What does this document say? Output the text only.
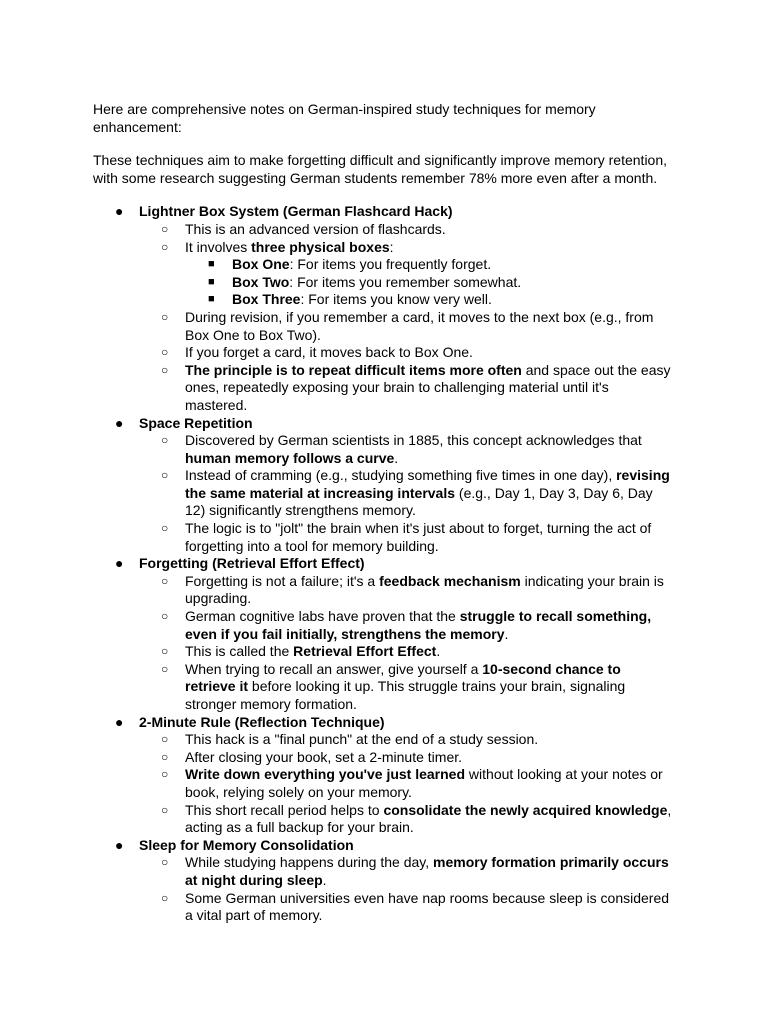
Here are comprehensive notes on German-inspired study techniques for memory enhancement:

These techniques aim to make forgetting difficult and significantly improve memory retention, with some research suggesting German students remember 78% more even after a month.

● Lightner Box System (German Flashcard Hack)
○ This is an advanced version of flashcards.
○ It involves three physical boxes:
■ Box One: For items you frequently forget.
■ Box Two: For items you remember somewhat.
■ Box Three: For items you know very well.
○ During revision, if you remember a card, it moves to the next box (e.g., from Box One to Box Two).
○ If you forget a card, it moves back to Box One.
○ The principle is to repeat difficult items more often and space out the easy ones, repeatedly exposing your brain to challenging material until it's mastered.
● Space Repetition
○ Discovered by German scientists in 1885, this concept acknowledges that human memory follows a curve.
○ Instead of cramming (e.g., studying something five times in one day), revising the same material at increasing intervals (e.g., Day 1, Day 3, Day 6, Day 12) significantly strengthens memory.
○ The logic is to "jolt" the brain when it's just about to forget, turning the act of forgetting into a tool for memory building.
● Forgetting (Retrieval Effort Effect)
○ Forgetting is not a failure; it's a feedback mechanism indicating your brain is upgrading.
○ German cognitive labs have proven that the struggle to recall something, even if you fail initially, strengthens the memory.
○ This is called the Retrieval Effort Effect.
○ When trying to recall an answer, give yourself a 10-second chance to retrieve it before looking it up. This struggle trains your brain, signaling stronger memory formation.
● 2-Minute Rule (Reflection Technique)
○ This hack is a "final punch" at the end of a study session.
○ After closing your book, set a 2-minute timer.
○ Write down everything you've just learned without looking at your notes or book, relying solely on your memory.
○ This short recall period helps to consolidate the newly acquired knowledge, acting as a full backup for your brain.
● Sleep for Memory Consolidation
○ While studying happens during the day, memory formation primarily occurs at night during sleep.
○ Some German universities even have nap rooms because sleep is considered a vital part of memory.
